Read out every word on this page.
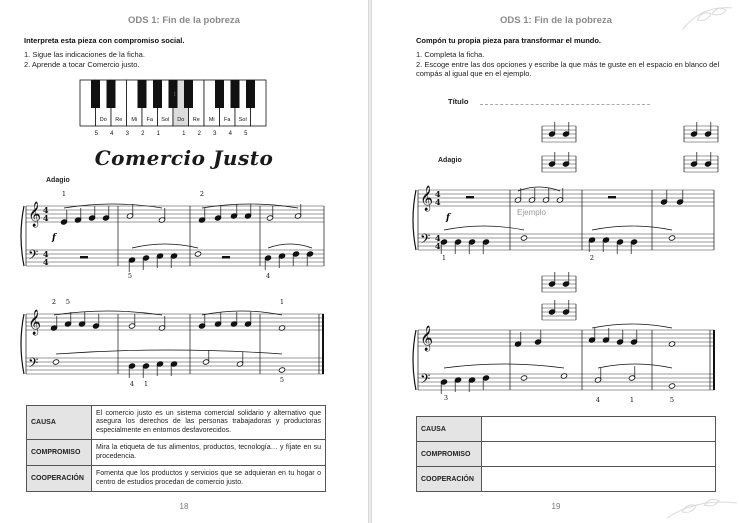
ODS 1: Fin de la pobreza
Interpreta esta pieza con compromiso social.
1. Sigue las indicaciones de la ficha.
2. Aprende a tocar Comercio justo.
Do Re Mi Fa Sol Do Re Mi Fa Sol
5 4 3 2 1	1 2 3 4 5
•••
Comercio Justo
Adagio
𝄞
𝄢
4
4
4
4
f
1	2
5	4
𝄞
𝄢
2 5	1
4 1	5
CAUSA	El comercio justo es un sistema comercial solidario y alternativo que asegura los derechos de las personas trabajadoras y productoras especialmente en entornos desfavorecidos.
COMPROMISO	Mira la etiqueta de tus alimentos, productos, tecnología… y fíjate en su procedencia.
COOPERACIÓN	Fomenta que los productos y servicios que se adquieran en tu hogar o centro de estudios procedan de comercio justo.
18
ODS 1: Fin de la pobreza
Compón tu propia pieza para transformar el mundo.
1. Completa la ficha.
2. Escoge entre las dos opciones y escribe la que más te guste en el espacio en blanco del compás al igual que en el ejemplo.
Título
Adagio
𝄞
𝄢
4
4
4
4
f
1	2
Ejemplo
𝄞
𝄢
3	4	1	5
CAUSA	
COMPROMISO	
COOPERACIÓN	
19
